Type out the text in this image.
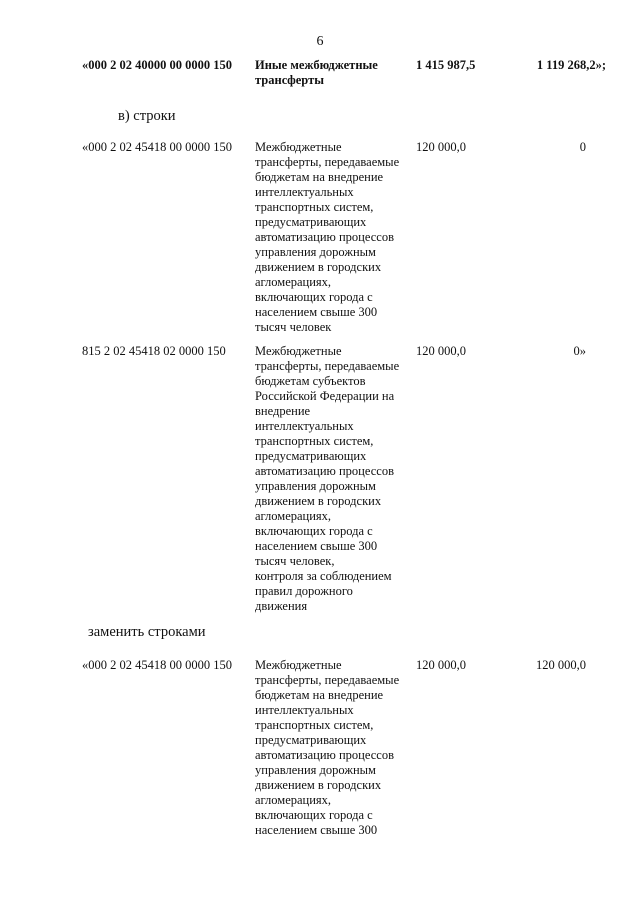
6
«000 2 02 40000 00 0000 150	Иные межбюджетные
трансферты
1 415 987,5	1 119 268,2»;
в) строки
«000 2 02 45418 00 0000 150	Межбюджетные
трансферты, передаваемые
бюджетам на внедрение
интеллектуальных
транспортных систем,
предусматривающих
автоматизацию процессов
управления дорожным
движением в городских
агломерациях,
включающих города с
населением свыше 300
тысяч человек
120 000,0	0
815 2 02 45418 02 0000 150	Межбюджетные
трансферты, передаваемые
бюджетам субъектов
Российской Федерации на
внедрение
интеллектуальных
транспортных систем,
предусматривающих
автоматизацию процессов
управления дорожным
движением в городских
агломерациях,
включающих города с
населением свыше 300
тысяч человек,
контроля за соблюдением
правил дорожного
движения
120 000,0	0»
заменить строками
«000 2 02 45418 00 0000 150	Межбюджетные
трансферты, передаваемые
бюджетам на внедрение
интеллектуальных
транспортных систем,
предусматривающих
автоматизацию процессов
управления дорожным
движением в городских
агломерациях,
включающих города с
населением свыше 300
120 000,0	120 000,0
